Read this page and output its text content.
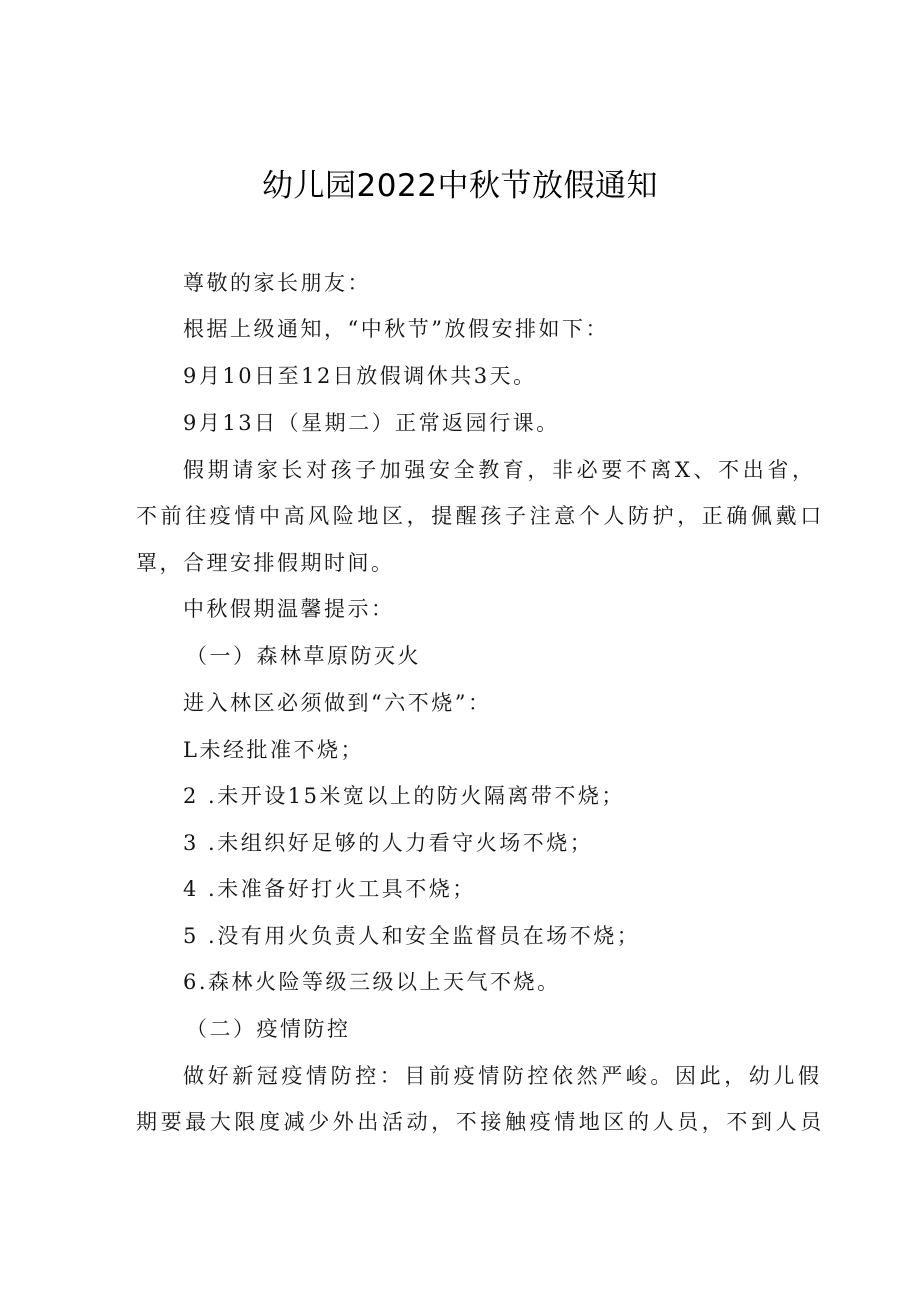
幼儿园2022中秋节放假通知
尊敬的家长朋友：
根据上级通知，“中秋节”放假安排如下：
9月10日至12日放假调休共3天。
9月13日（星期二）正常返园行课。
假期请家长对孩子加强安全教育，非必要不离X、不出省，
不前往疫情中高风险地区，提醒孩子注意个人防护，正确佩戴口
罩，合理安排假期时间。
中秋假期温馨提示：
（一）森林草原防灭火
进入林区必须做到“六不烧”：
L未经批准不烧；
2 .未开设15米宽以上的防火隔离带不烧；
3 .未组织好足够的人力看守火场不烧；
4 .未准备好打火工具不烧；
5 .没有用火负责人和安全监督员在场不烧；
6.森林火险等级三级以上天气不烧。
（二）疫情防控
做好新冠疫情防控：目前疫情防控依然严峻。因此，幼儿假
期要最大限度减少外出活动，不接触疫情地区的人员，不到人员
